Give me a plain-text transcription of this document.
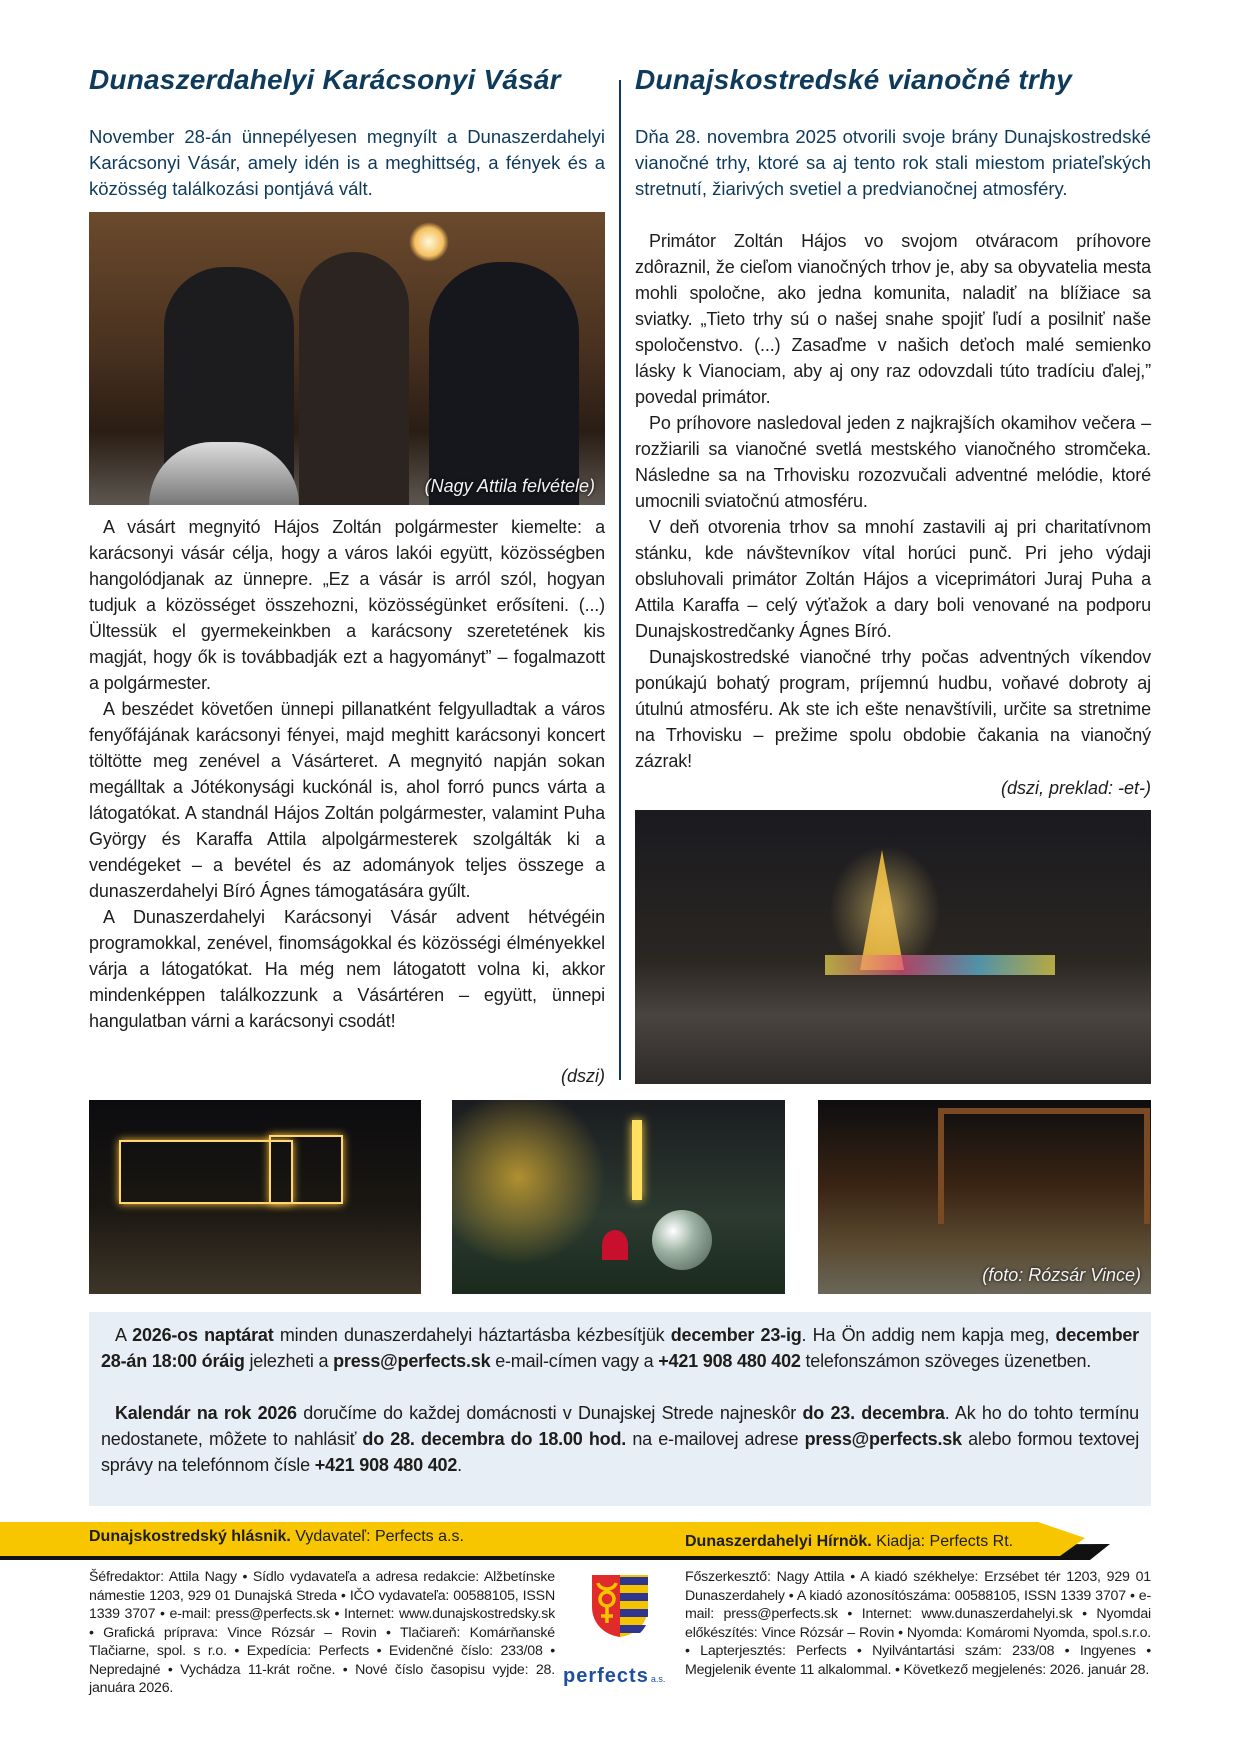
Dunaszerdahelyi Karácsonyi Vásár
November 28-án ünnepélyesen megnyílt a Dunaszerdahelyi Karácsonyi Vásár, amely idén is a meghittség, a fények és a közösség találkozási pontjává vált.
(Nagy Attila felvétele)

A vásárt megnyitó Hájos Zoltán polgármester kiemelte: a karácsonyi vásár célja, hogy a város lakói együtt, közösségben hangolódjanak az ünnepre. „Ez a vásár is arról szól, hogyan tudjuk a közösséget összehozni, közösségünket erősíteni. (...) Ültessük el gyermekeinkben a karácsony szeretetének kis magját, hogy ők is továbbadják ezt a hagyományt” – fogalmazott a polgármester.

A beszédet követően ünnepi pillanatként felgyulladtak a város fenyőfájának karácsonyi fényei, majd meghitt karácsonyi koncert töltötte meg zenével a Vásárteret. A megnyitó napján sokan megálltak a Jótékonysági kuckónál is, ahol forró puncs várta a látogatókat. A standnál Hájos Zoltán polgármester, valamint Puha György és Karaffa Attila alpolgármesterek szolgálták ki a vendégeket – a bevétel és az adományok teljes összege a dunaszerdahelyi Bíró Ágnes támogatására gyűlt.

A Dunaszerdahelyi Karácsonyi Vásár advent hétvégéin programokkal, zenével, finomságokkal és közösségi élményekkel várja a látogatókat. Ha még nem látogatott volna ki, akkor mindenképpen találkozzunk a Vásártéren – együtt, ünnepi hangulatban várni a karácsonyi csodát!

(dszi)
Dunajskostredské vianočné trhy
Dňa 28. novembra 2025 otvorili svoje brány Dunajskostredské vianočné trhy, ktoré sa aj tento rok stali miestom priateľských stretnutí, žiarivých svetiel a predvianočnej atmosféry.

Primátor Zoltán Hájos vo svojom otváracom príhovore zdôraznil, že cieľom vianočných trhov je, aby sa obyvatelia mesta mohli spoločne, ako jedna komunita, naladiť na blížiace sa sviatky. „Tieto trhy sú o našej snahe spojiť ľudí a posilniť naše spoločenstvo. (...) Zasaďme v našich deťoch malé semienko lásky k Vianociam, aby aj ony raz odovzdali túto tradíciu ďalej,” povedal primátor.

Po príhovore nasledoval jeden z najkrajších okamihov večera – rozžiarili sa vianočné svetlá mestského vianočného stromčeka. Následne sa na Trhovisku rozozvučali adventné melódie, ktoré umocnili sviatočnú atmosféru.

V deň otvorenia trhov sa mnohí zastavili aj pri charitatívnom stánku, kde návštevníkov vítal horúci punč. Pri jeho výdaji obsluhovali primátor Zoltán Hájos a viceprimátori Juraj Puha a Attila Karaffa – celý výťažok a dary boli venované na podporu Dunajskostredčanky Ágnes Bíró.

Dunajskostredské vianočné trhy počas adventných víkendov ponúkajú bohatý program, príjemnú hudbu, voňavé dobroty aj útulnú atmosféru. Ak ste ich ešte nenavštívili, určite sa stretnime na Trhovisku – prežime spolu obdobie čakania na vianočný zázrak!

(dszi, preklad: -et-)
(foto: Rózsár Vince)

A 2026-os naptárat minden dunaszerdahelyi háztartásba kézbesítjük december 23-ig. Ha Ön addig nem kapja meg, december 28-án 18:00 óráig jelezheti a press@perfects.sk e-mail-címen vagy a +421 908 480 402 telefonszámon szöveges üzenetben.

Kalendár na rok 2026 doručíme do každej domácnosti v Dunajskej Strede najneskôr do 23. decembra. Ak ho do tohto termínu nedostanete, môžete to nahlásiť do 28. decembra do 18.00 hod. na e-mailovej adrese press@perfects.sk alebo formou textovej správy na telefónnom čísle +421 908 480 402.

Dunajskostredský hlásnik. Vydavateľ: Perfects a.s.	Dunaszerdahelyi Hírnök. Kiadja: Perfects Rt.
Šéfredaktor: Attila Nagy • Sídlo vydavateľa a adresa redakcie: Alžbetínske námestie 1203, 929 01 Dunajská Streda • IČO vydavateľa: 00588105, ISSN 1339 3707 • e-mail: press@perfects.sk • Internet: www.dunajskostredsky.sk • Grafická príprava: Vince Rózsár – Rovin • Tlačiareň: Komárňanské Tlačiarne, spol. s r.o. • Expedícia: Perfects • Evidenčné číslo: 233/08 • Nepredajné • Vychádza 11-krát ročne. • Nové číslo časopisu vyjde: 28. januára 2026.
Főszerkesztő: Nagy Attila • A kiadó székhelye: Erzsébet tér 1203, 929 01 Dunaszerdahely • A kiadó azonosítószáma: 00588105, ISSN 1339 3707 • e-mail: press@perfects.sk • Internet: www.dunaszerdahelyi.sk • Nyomdai előkészítés: Vince Rózsár – Rovin • Nyomda: Komáromi Nyomda, spol.s.r.o. • Lapterjesztés: Perfects • Nyilvántartási szám: 233/08 • Ingyenes • Megjelenik évente 11 alkalommal. • Következő megjelenés: 2026. január 28.
perfects a.s.
